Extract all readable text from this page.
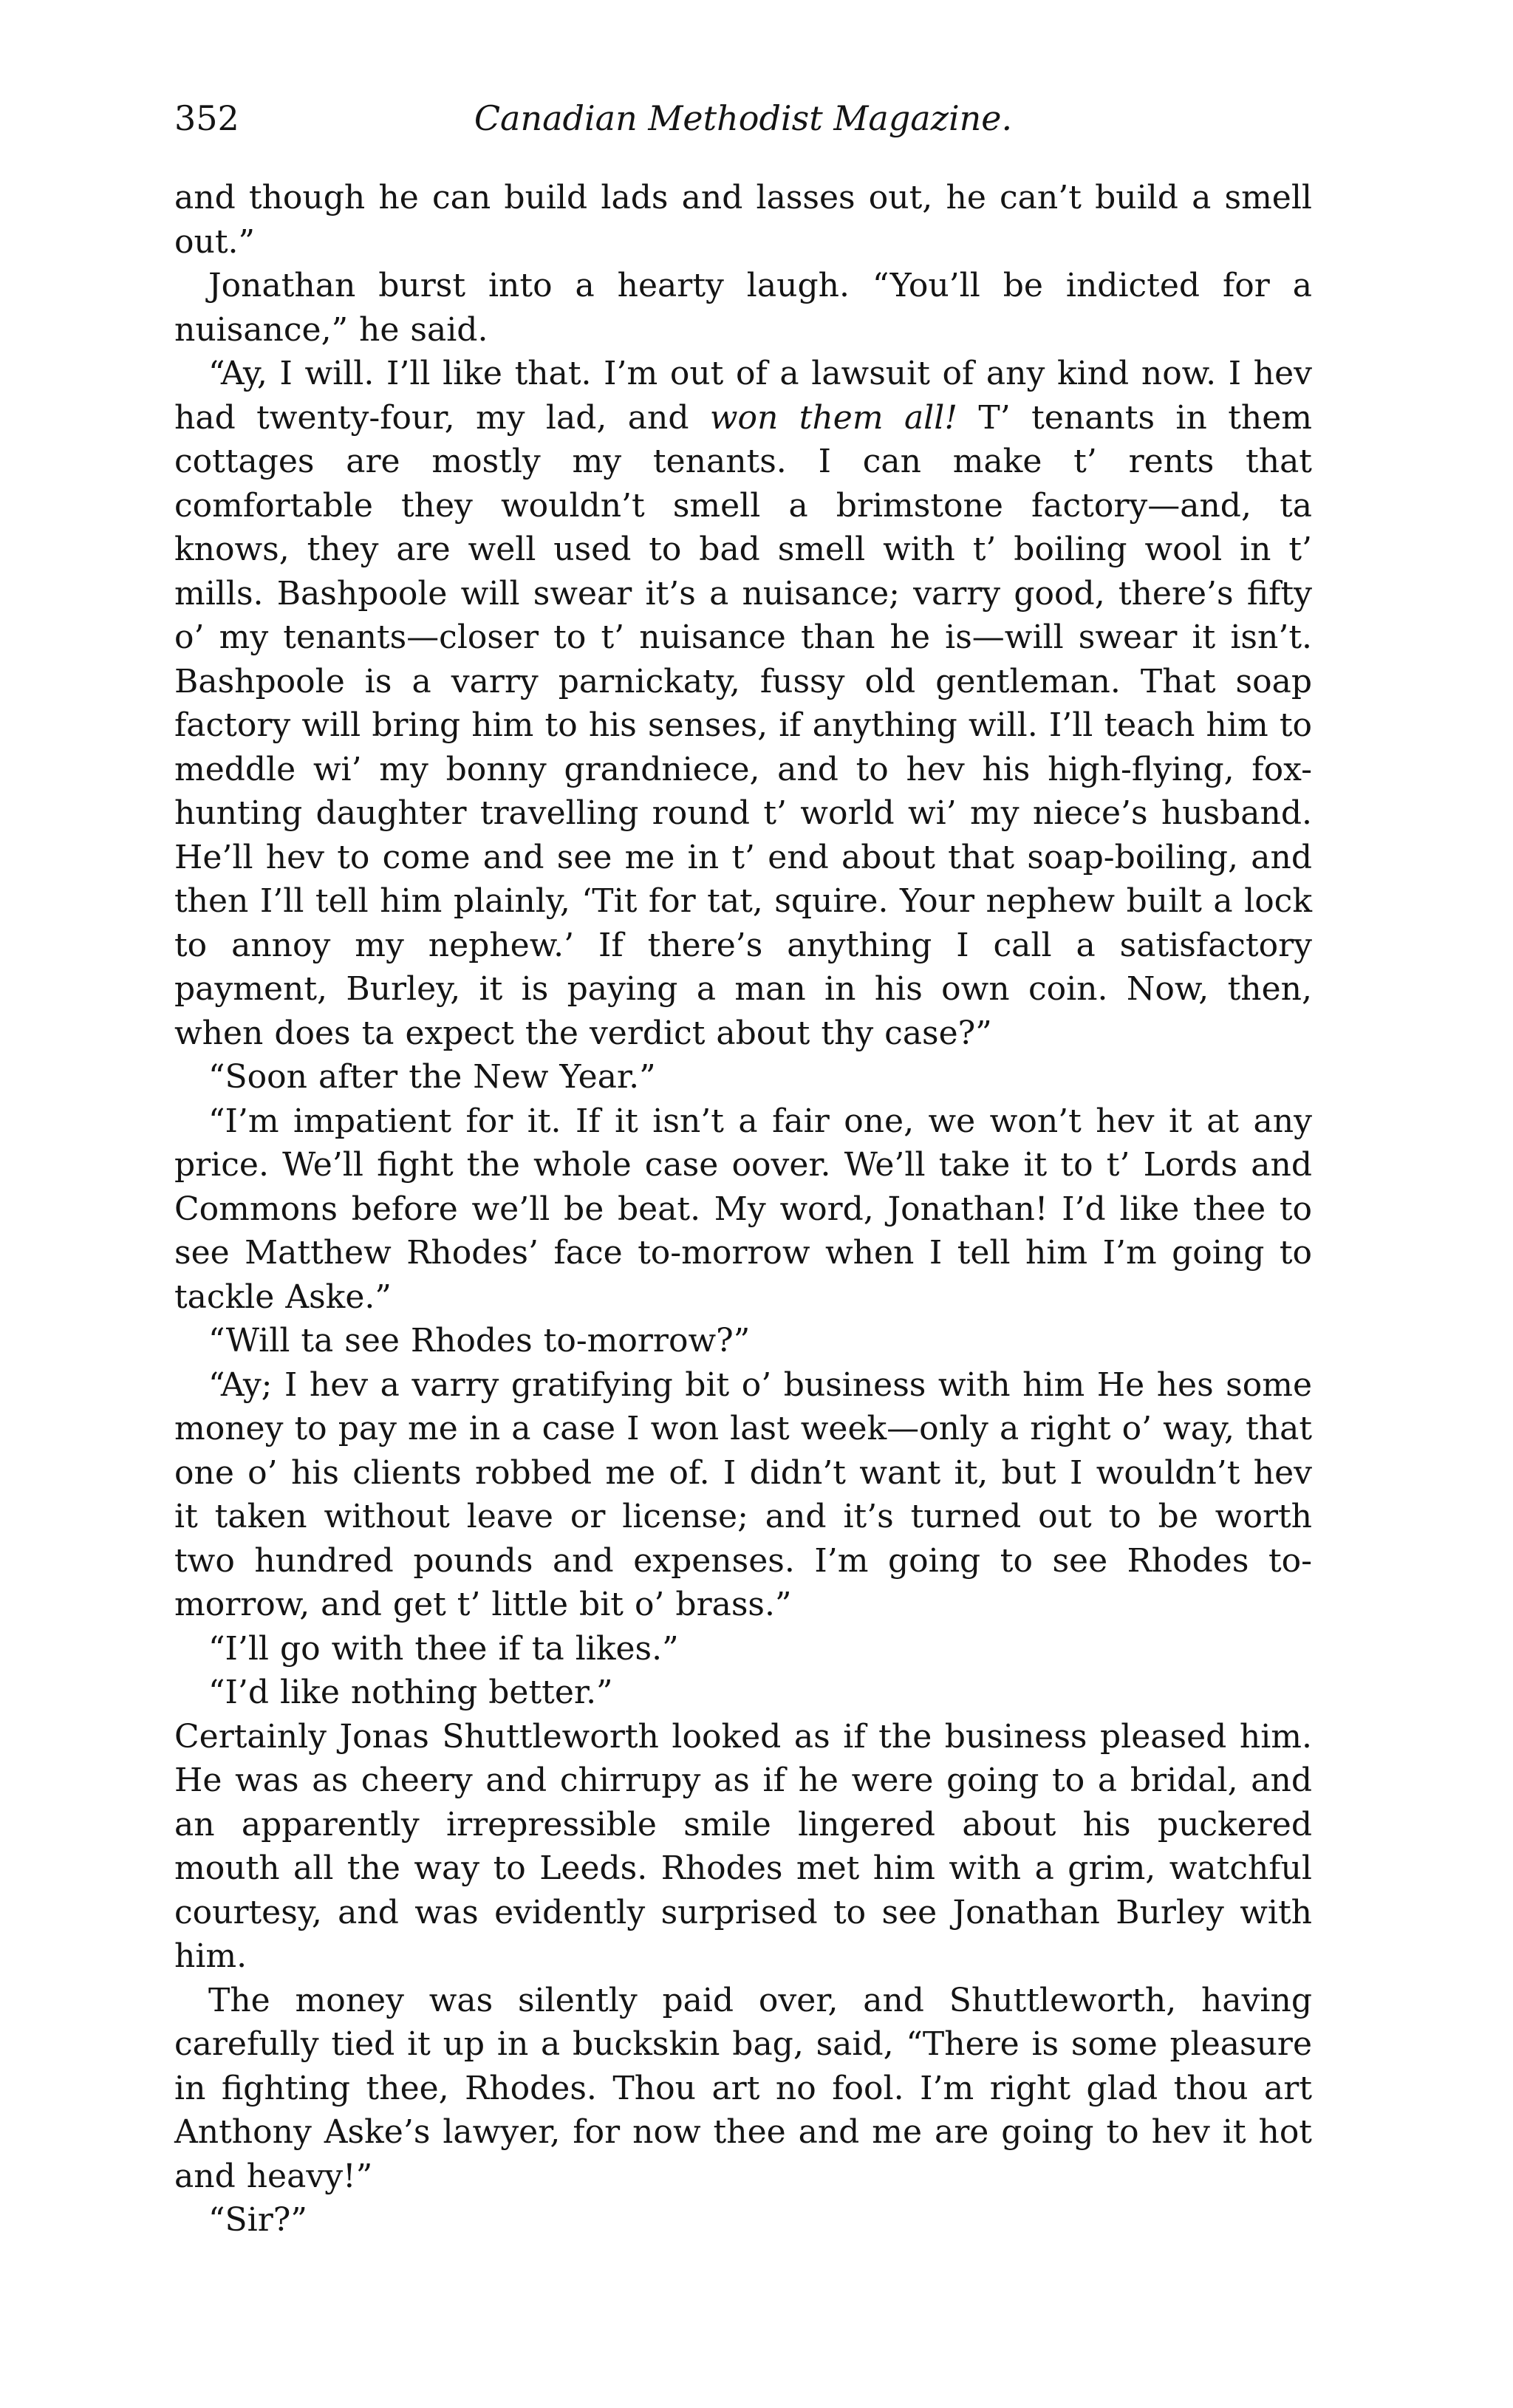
352	Canadian Methodist Magazine.

and though he can build lads and lasses out, he can’t build a smell out.”

Jonathan burst into a hearty laugh. “You’ll be indicted for a nuisance,” he said.

“Ay, I will. I’ll like that. I’m out of a lawsuit of any kind now. I hev had twenty-four, my lad, and won them all! T’ tenants in them cottages are mostly my tenants. I can make t’ rents that comfortable they wouldn’t smell a brimstone factory—and, ta knows, they are well used to bad smell with t’ boiling wool in t’ mills. Bashpoole will swear it’s a nuisance; varry good, there’s fifty o’ my tenants—closer to t’ nuisance than he is—will swear it isn’t. Bashpoole is a varry parnickaty, fussy old gentleman. That soap factory will bring him to his senses, if anything will. I’ll teach him to meddle wi’ my bonny grandniece, and to hev his high-flying, fox-hunting daughter travelling round t’ world wi’ my niece’s husband. He’ll hev to come and see me in t’ end about that soap-boiling, and then I’ll tell him plainly, ‘Tit for tat, squire. Your nephew built a lock to annoy my nephew.’ If there’s anything I call a satisfactory payment, Burley, it is paying a man in his own coin. Now, then, when does ta expect the verdict about thy case?”

“Soon after the New Year.”

“I’m impatient for it. If it isn’t a fair one, we won’t hev it at any price. We’ll fight the whole case oover. We’ll take it to t’ Lords and Commons before we’ll be beat. My word, Jonathan! I’d like thee to see Matthew Rhodes’ face to-morrow when I tell him I’m going to tackle Aske.”

“Will ta see Rhodes to-morrow?”

“Ay; I hev a varry gratifying bit o’ business with him He hes some money to pay me in a case I won last week—only a right o’ way, that one o’ his clients robbed me of. I didn’t want it, but I wouldn’t hev it taken without leave or license; and it’s turned out to be worth two hundred pounds and expenses. I’m going to see Rhodes to-morrow, and get t’ little bit o’ brass.”

“I’ll go with thee if ta likes.”

“I’d like nothing better.”

Certainly Jonas Shuttleworth looked as if the business pleased him. He was as cheery and chirrupy as if he were going to a bridal, and an apparently irrepressible smile lingered about his puckered mouth all the way to Leeds. Rhodes met him with a grim, watchful courtesy, and was evidently surprised to see Jonathan Burley with him.

The money was silently paid over, and Shuttleworth, having carefully tied it up in a buckskin bag, said, “There is some pleasure in fighting thee, Rhodes. Thou art no fool. I’m right glad thou art Anthony Aske’s lawyer, for now thee and me are going to hev it hot and heavy!”

“Sir?”
